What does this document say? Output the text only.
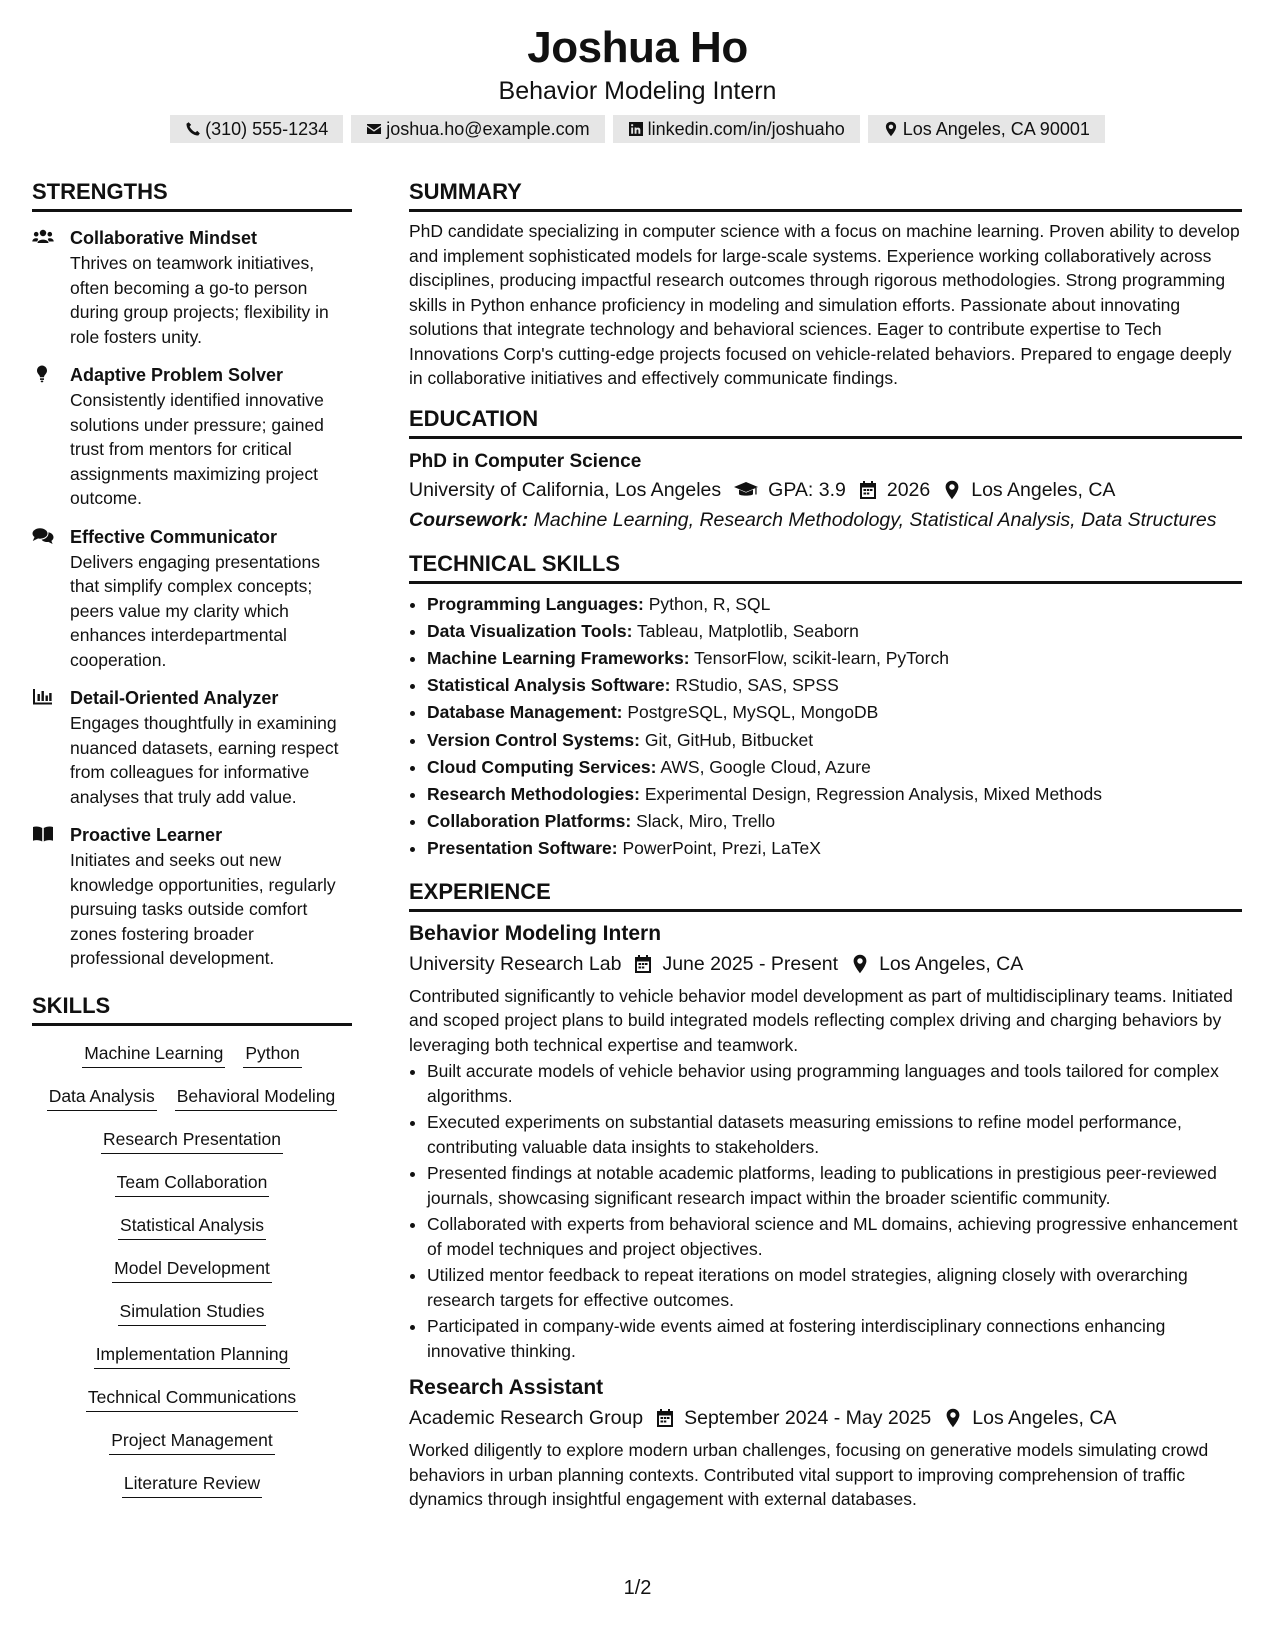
Joshua Ho
Behavior Modeling Intern
(310) 555-1234	joshua.ho@example.com	linkedin.com/in/joshuaho	Los Angeles, CA 90001
STRENGTHS
Collaborative Mindset
Thrives on teamwork initiatives, often becoming a go-to person during group projects; flexibility in role fosters unity.
Adaptive Problem Solver
Consistently identified innovative solutions under pressure; gained trust from mentors for critical assignments maximizing project outcome.
Effective Communicator
Delivers engaging presentations that simplify complex concepts; peers value my clarity which enhances interdepartmental cooperation.
Detail-Oriented Analyzer
Engages thoughtfully in examining nuanced datasets, earning respect from colleagues for informative analyses that truly add value.
Proactive Learner
Initiates and seeks out new knowledge opportunities, regularly pursuing tasks outside comfort zones fostering broader professional development.
SKILLS
Machine Learning Python
Data Analysis Behavioral Modeling
Research Presentation
Team Collaboration
Statistical Analysis
Model Development
Simulation Studies
Implementation Planning
Technical Communications
Project Management
Literature Review
SUMMARY
PhD candidate specializing in computer science with a focus on machine learning. Proven ability to develop and implement sophisticated models for large-scale systems. Experience working collaboratively across disciplines, producing impactful research outcomes through rigorous methodologies. Strong programming skills in Python enhance proficiency in modeling and simulation efforts. Passionate about innovating solutions that integrate technology and behavioral sciences. Eager to contribute expertise to Tech Innovations Corp's cutting-edge projects focused on vehicle-related behaviors. Prepared to engage deeply in collaborative initiatives and effectively communicate findings.
EDUCATION
PhD in Computer Science
University of California, Los Angeles GPA: 3.9 2026 Los Angeles, CA
Coursework: Machine Learning, Research Methodology, Statistical Analysis, Data Structures
TECHNICAL SKILLS
• Programming Languages: Python, R, SQL
• Data Visualization Tools: Tableau, Matplotlib, Seaborn
• Machine Learning Frameworks: TensorFlow, scikit-learn, PyTorch
• Statistical Analysis Software: RStudio, SAS, SPSS
• Database Management: PostgreSQL, MySQL, MongoDB
• Version Control Systems: Git, GitHub, Bitbucket
• Cloud Computing Services: AWS, Google Cloud, Azure
• Research Methodologies: Experimental Design, Regression Analysis, Mixed Methods
• Collaboration Platforms: Slack, Miro, Trello
• Presentation Software: PowerPoint, Prezi, LaTeX
EXPERIENCE
Behavior Modeling Intern
University Research Lab June 2025 - Present Los Angeles, CA
Contributed significantly to vehicle behavior model development as part of multidisciplinary teams. Initiated and scoped project plans to build integrated models reflecting complex driving and charging behaviors by leveraging both technical expertise and teamwork.
• Built accurate models of vehicle behavior using programming languages and tools tailored for complex algorithms.
• Executed experiments on substantial datasets measuring emissions to refine model performance, contributing valuable data insights to stakeholders.
• Presented findings at notable academic platforms, leading to publications in prestigious peer-reviewed journals, showcasing significant research impact within the broader scientific community.
• Collaborated with experts from behavioral science and ML domains, achieving progressive enhancement of model techniques and project objectives.
• Utilized mentor feedback to repeat iterations on model strategies, aligning closely with overarching research targets for effective outcomes.
• Participated in company-wide events aimed at fostering interdisciplinary connections enhancing innovative thinking.
Research Assistant
Academic Research Group September 2024 - May 2025 Los Angeles, CA
Worked diligently to explore modern urban challenges, focusing on generative models simulating crowd behaviors in urban planning contexts. Contributed vital support to improving comprehension of traffic dynamics through insightful engagement with external databases.
1/2
